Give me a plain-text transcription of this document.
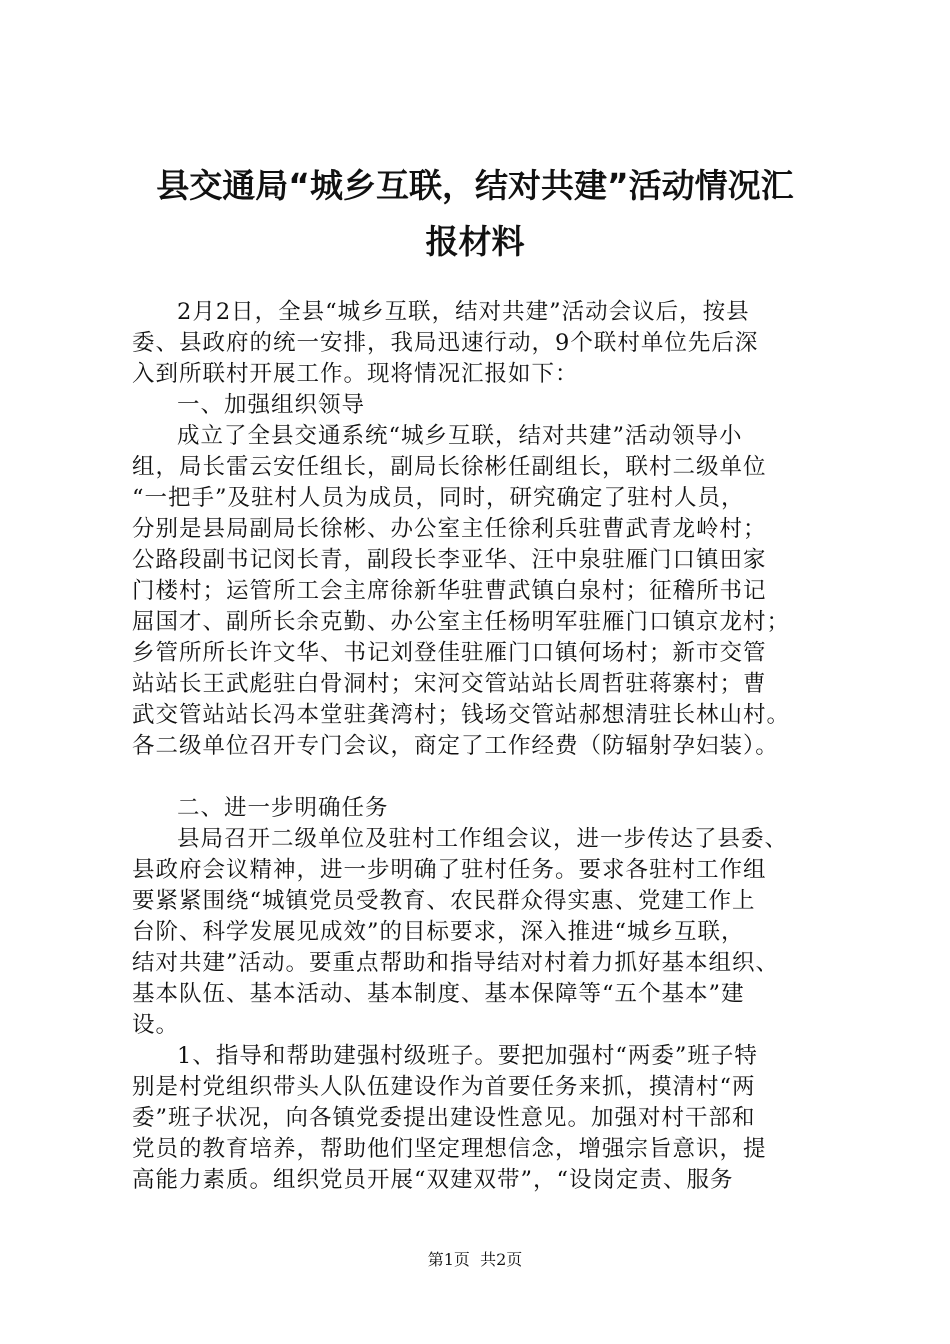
县交通局“城乡互联，结对共建”活动情况汇
报材料
2月2日，全县“城乡互联，结对共建”活动会议后，按县
委、县政府的统一安排，我局迅速行动，9个联村单位先后深
入到所联村开展工作。现将情况汇报如下：
一、加强组织领导
成立了全县交通系统“城乡互联，结对共建”活动领导小
组，局长雷云安任组长，副局长徐彬任副组长，联村二级单位
“一把手”及驻村人员为成员，同时，研究确定了驻村人员，
分别是县局副局长徐彬、办公室主任徐利兵驻曹武青龙岭村；
公路段副书记闵长青，副段长李亚华、汪中泉驻雁门口镇田家
门楼村；运管所工会主席徐新华驻曹武镇白泉村；征稽所书记
屈国才、副所长余克勤、办公室主任杨明军驻雁门口镇京龙村；
乡管所所长许文华、书记刘登佳驻雁门口镇何场村；新市交管
站站长王武彪驻白骨洞村；宋河交管站站长周哲驻蒋寨村；曹
武交管站站长冯本堂驻龚湾村；钱场交管站郝想清驻长林山村。
各二级单位召开专门会议，商定了工作经费（防辐射孕妇装）。
二、进一步明确任务
县局召开二级单位及驻村工作组会议，进一步传达了县委、
县政府会议精神，进一步明确了驻村任务。要求各驻村工作组
要紧紧围绕“城镇党员受教育、农民群众得实惠、党建工作上
台阶、科学发展见成效”的目标要求，深入推进“城乡互联，
结对共建”活动。要重点帮助和指导结对村着力抓好基本组织、
基本队伍、基本活动、基本制度、基本保障等“五个基本”建
设。
1、指导和帮助建强村级班子。要把加强村“两委”班子特
别是村党组织带头人队伍建设作为首要任务来抓，摸清村“两
委”班子状况，向各镇党委提出建设性意见。加强对村干部和
党员的教育培养，帮助他们坚定理想信念，增强宗旨意识，提
高能力素质。组织党员开展“双建双带”，“设岗定责、服务
第1页  共2页
